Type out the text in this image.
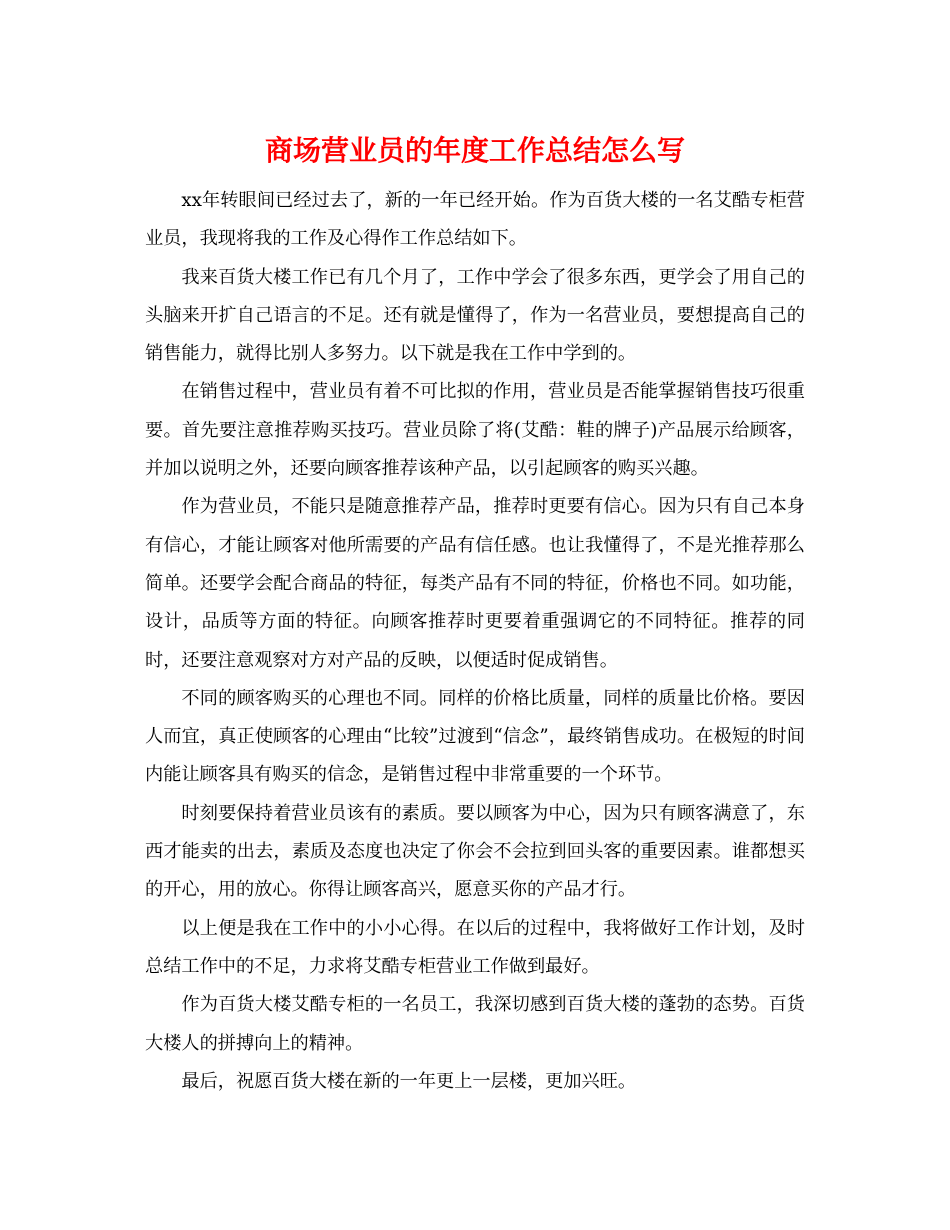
商场营业员的年度工作总结怎么写

xx年转眼间已经过去了，新的一年已经开始。作为百货大楼的一名艾酷专柜营业员，我现将我的工作及心得作工作总结如下。

我来百货大楼工作已有几个月了，工作中学会了很多东西，更学会了用自己的头脑来开扩自己语言的不足。还有就是懂得了，作为一名营业员，要想提高自己的销售能力，就得比别人多努力。以下就是我在工作中学到的。

在销售过程中，营业员有着不可比拟的作用，营业员是否能掌握销售技巧很重要。首先要注意推荐购买技巧。营业员除了将(艾酷：鞋的牌子)产品展示给顾客，并加以说明之外，还要向顾客推荐该种产品，以引起顾客的购买兴趣。

作为营业员，不能只是随意推荐产品，推荐时更要有信心。因为只有自己本身有信心，才能让顾客对他所需要的产品有信任感。也让我懂得了，不是光推荐那么简单。还要学会配合商品的特征，每类产品有不同的特征，价格也不同。如功能，设计，品质等方面的特征。向顾客推荐时更要着重强调它的不同特征。推荐的同时，还要注意观察对方对产品的反映，以便适时促成销售。

不同的顾客购买的心理也不同。同样的价格比质量，同样的质量比价格。要因人而宜，真正使顾客的心理由“比较”过渡到“信念”，最终销售成功。在极短的时间内能让顾客具有购买的信念，是销售过程中非常重要的一个环节。

时刻要保持着营业员该有的素质。要以顾客为中心，因为只有顾客满意了，东西才能卖的出去，素质及态度也决定了你会不会拉到回头客的重要因素。谁都想买的开心，用的放心。你得让顾客高兴，愿意买你的产品才行。

以上便是我在工作中的小小心得。在以后的过程中，我将做好工作计划，及时总结工作中的不足，力求将艾酷专柜营业工作做到最好。

作为百货大楼艾酷专柜的一名员工，我深切感到百货大楼的蓬勃的态势。百货大楼人的拼搏向上的精神。

最后，祝愿百货大楼在新的一年更上一层楼，更加兴旺。
